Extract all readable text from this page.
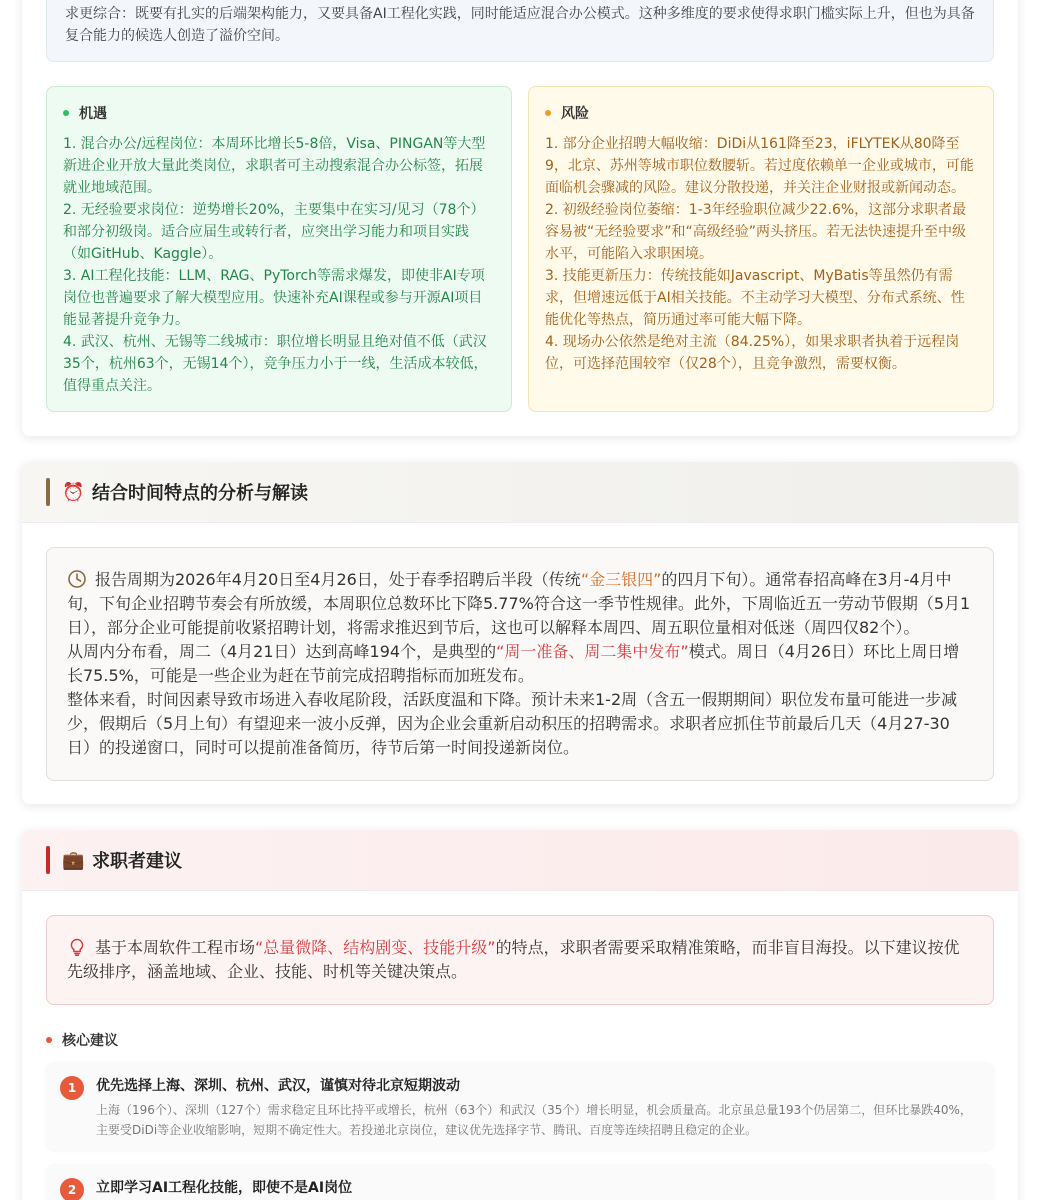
求更综合：既要有扎实的后端架构能力，又要具备AI工程化实践，同时能适应混合办公模式。这种多维度的要求使得求职门槛实际上升，但也为具备复合能力的候选人创造了溢价空间。
机遇
1. 混合办公/远程岗位：本周环比增长5-8倍，Visa、PINGAN等大型新进企业开放大量此类岗位，求职者可主动搜索混合办公标签，拓展就业地域范围。
2. 无经验要求岗位：逆势增长20%，主要集中在实习/见习（78个）和部分初级岗。适合应届生或转行者，应突出学习能力和项目实践（如GitHub、Kaggle）。
3. AI工程化技能：LLM、RAG、PyTorch等需求爆发，即使非AI专项岗位也普遍要求了解大模型应用。快速补充AI课程或参与开源AI项目能显著提升竞争力。
4. 武汉、杭州、无锡等二线城市：职位增长明显且绝对值不低（武汉35个，杭州63个，无锡14个），竞争压力小于一线，生活成本较低，值得重点关注。
风险
1. 部分企业招聘大幅收缩：DiDi从161降至23，iFLYTEK从80降至9，北京、苏州等城市职位数腰斩。若过度依赖单一企业或城市，可能面临机会骤减的风险。建议分散投递，并关注企业财报或新闻动态。
2. 初级经验岗位萎缩：1-3年经验职位减少22.6%，这部分求职者最容易被“无经验要求”和“高级经验”两头挤压。若无法快速提升至中级水平，可能陷入求职困境。
3. 技能更新压力：传统技能如Javascript、MyBatis等虽然仍有需求，但增速远低于AI相关技能。不主动学习大模型、分布式系统、性能优化等热点，简历通过率可能大幅下降。
4. 现场办公依然是绝对主流（84.25%），如果求职者执着于远程岗位，可选择范围较窄（仅28个），且竞争激烈，需要权衡。
⏰ 结合时间特点的分析与解读
报告周期为2026年4月20日至4月26日，处于春季招聘后半段（传统“金三银四”的四月下旬）。通常春招高峰在3月-4月中旬，下旬企业招聘节奏会有所放缓，本周职位总数环比下降5.77%符合这一季节性规律。此外，下周临近五一劳动节假期（5月1日），部分企业可能提前收紧招聘计划，将需求推迟到节后，这也可以解释本周四、周五职位量相对低迷（周四仅82个）。
从周内分布看，周二（4月21日）达到高峰194个，是典型的“周一准备、周二集中发布”模式。周日（4月26日）环比上周日增长75.5%，可能是一些企业为赶在节前完成招聘指标而加班发布。
整体来看，时间因素导致市场进入春收尾阶段，活跃度温和下降。预计未来1-2周（含五一假期期间）职位发布量可能进一步减少，假期后（5月上旬）有望迎来一波小反弹，因为企业会重新启动积压的招聘需求。求职者应抓住节前最后几天（4月27-30日）的投递窗口，同时可以提前准备简历，待节后第一时间投递新岗位。
💼 求职者建议
基于本周软件工程市场“总量微降、结构剧变、技能升级”的特点，求职者需要采取精准策略，而非盲目海投。以下建议按优先级排序，涵盖地域、企业、技能、时机等关键决策点。
核心建议
1	优先选择上海、深圳、杭州、武汉，谨慎对待北京短期波动
上海（196个）、深圳（127个）需求稳定且环比持平或增长，杭州（63个）和武汉（35个）增长明显，机会质量高。北京虽总量193个仍居第二，但环比暴跌40%，主要受DiDi等企业收缩影响，短期不确定性大。若投递北京岗位，建议优先选择字节、腾讯、百度等连续招聘且稳定的企业。
2	立即学习AI工程化技能，即使不是AI岗位
